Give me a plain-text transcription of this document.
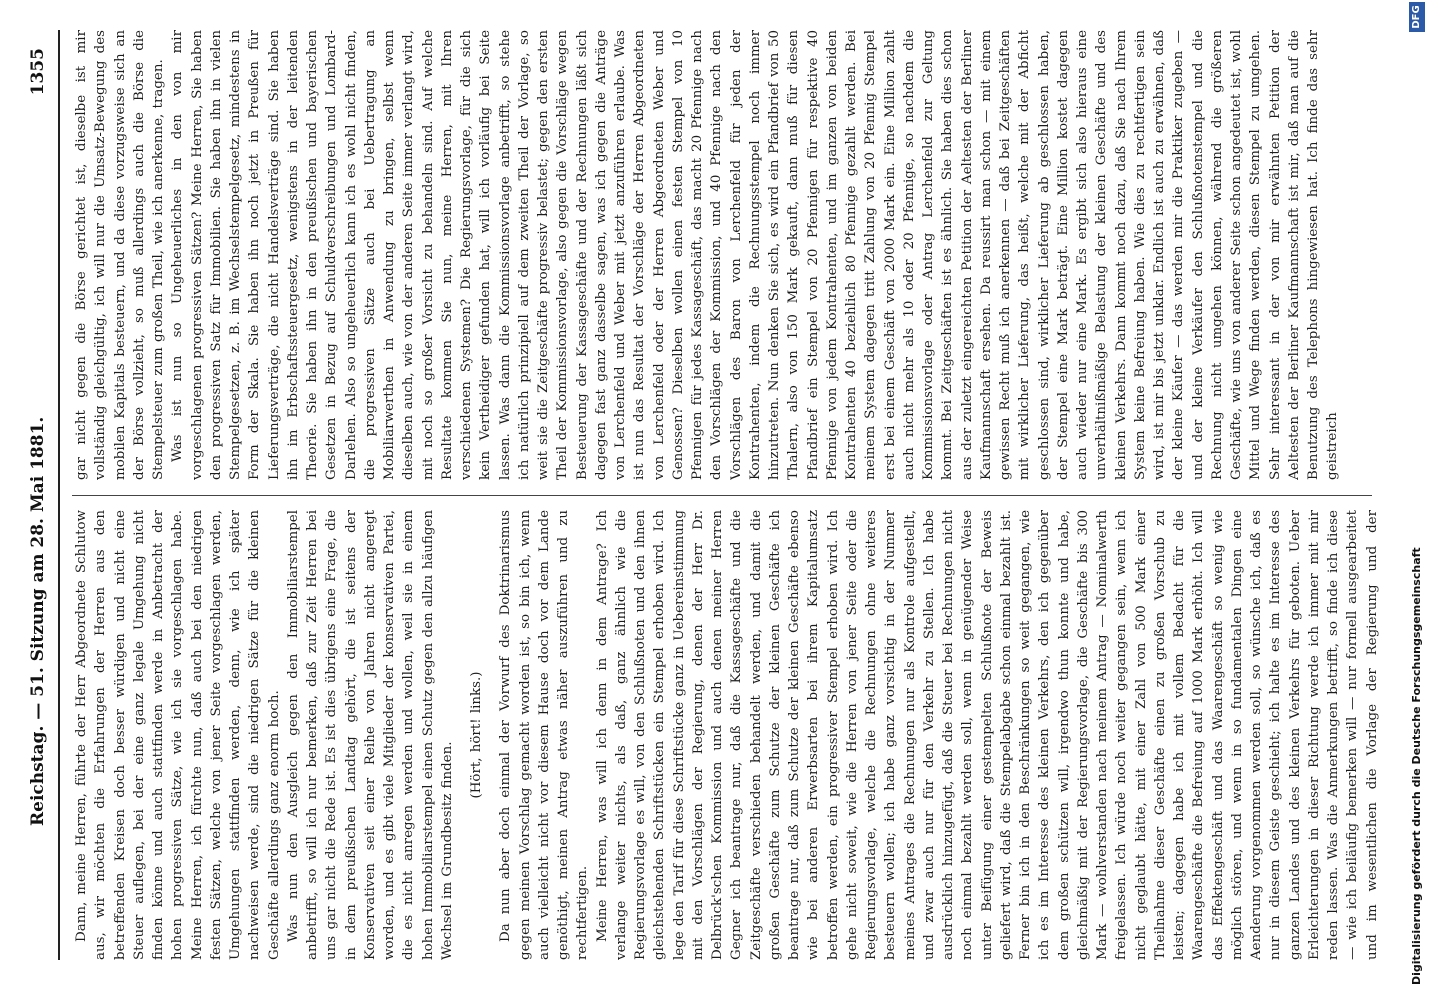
Reichstag. — 51. Sitzung am 28. Mai 1881.
1355

Dann, meine Herren, führte der Herr Abgeordnete Schlutow aus, wir möchten die Erfahrungen der Herren aus den betreffenden Kreisen doch besser würdigen und nicht eine Steuer auflegen, bei der eine ganz legale Umgehung nicht finden könne und auch stattfinden werde in Anbetracht der hohen progressiven Sätze, wie ich sie vorgeschlagen habe. Meine Herren, ich fürchte nun, daß auch bei den niedrigen festen Sätzen, welche von jener Seite vorgeschlagen werden, Umgehungen stattfinden werden, denn, wie ich später nachweisen werde, sind die niedrigen Sätze für die kleinen Geschäfte allerdings ganz enorm hoch. Was nun den Ausgleich gegen den Immobiliarstempel anbetrifft, so will ich nur bemerken, daß zur Zeit Herren bei uns gar nicht die Rede ist. Es ist dies übrigens eine Frage, die in dem preußischen Landtag gehört, die ist seitens der Konservativen seit einer Reihe von Jahren nicht angeregt worden, und es gibt viele Mitglieder der konservativen Partei, die es nicht anregen werden und wollen, weil sie in einem hohen Immobiliarstempel einen Schutz gegen den allzu häufigen Wechsel im Grundbesitz finden.

(Hört, hört! links.) Da nun aber doch einmal der Vorwurf des Doktrinarismus gegen meinen Vorschlag gemacht worden ist, so bin ich, wenn auch vielleicht nicht vor diesem Hause doch vor dem Lande genöthigt, meinen Antrag etwas näher auszuführen und zu rechtfertigen. Meine Herren, was will ich denn in dem Antrage? Ich verlange weiter nichts, als daß, ganz ähnlich wie die Regierungsvorlage es will, von den Schlußnoten und den ihnen gleichstehenden Schriftstücken ein Stempel erhoben wird. Ich lege den Tarif für diese Schriftstücke ganz in Uebereinstimmung mit den Vorschlägen der Regierung, denen der Herr Dr. Delbrück'schen Kommission und auch denen meiner Herren Gegner ich beantrage nur, daß die Kassageschäfte und die Zeitgeschäfte verschieden behandelt werden, und damit die großen Geschäfte zum Schutze der kleinen Geschäfte ich beantrage nur, daß zum Schutze der kleinen Geschäfte ebenso wie bei anderen Erwerbsarten bei ihrem Kapitalumsatz betroffen werden, ein progressiver Stempel erhoben wird. Ich gehe nicht soweit, wie die Herren von jener Seite oder die Regierungsvorlage, welche die Rechnungen ohne weiteres besteuern wollen; ich habe ganz vorsichtig in der Nummer meines Antrages die Rechnungen nur als Kontrole aufgestellt, und zwar auch nur für den Verkehr zu Stellen. Ich habe ausdrücklich hinzugefügt, daß die Steuer bei Rechnungen nicht noch einmal bezahlt werden soll, wenn in genügender Weise unter Beifügung einer gestempelten Schlußnote der Beweis geliefert wird, daß die Stempelabgabe schon einmal bezahlt ist. Ferner bin ich in den Beschränkungen so weit gegangen, wie ich es im Interesse des kleinen Verkehrs, den ich gegenüber dem großen schützen will, irgendwo thun konnte und habe, gleichmäßig mit der Regierungsvorlage, die Geschäfte bis 300 Mark — wohlverstanden nach meinem Antrag — Nominalwerth freigelassen. Ich würde noch weiter gegangen sein, wenn ich nicht geglaubt hätte, mit einer Zahl von 500 Mark einer Theilnahme dieser Geschäfte einen zu großen Vorschub zu leisten; dagegen habe ich mit vollem Bedacht für die Waarengeschäfte die Befreiung auf 1000 Mark erhöht. Ich will das Effektengeschäft und das Waarengeschäft so wenig wie möglich stören, und wenn in so fundamentalen Dingen eine Aenderung vorgenommen werden soll, so wünsche ich, daß es nur in diesem Geiste geschieht; ich halte es im Interesse des ganzen Landes und des kleinen Verkehrs für geboten. Ueber Erleichterungen in dieser Richtung werde ich immer mit mir reden lassen. Was die Anmerkungen betrifft, so finde ich diese — wie ich beiläufig bemerken will — nur formell ausgearbeitet und im wesentlichen die Vorlage der Regierung und der

gar nicht gegen die Börse gerichtet ist, dieselbe ist mir vollständig gleichgültig, ich will nur die Umsatz-Bewegung des mobilen Kapitals besteuern, und da diese vorzugsweise sich an der Börse vollzieht, so muß allerdings auch die Börse die Stempelsteuer zum großen Theil, wie ich anerkenne, tragen. Was ist nun so Ungeheuerliches in den von mir vorgeschlagenen progressiven Sätzen? Meine Herren, Sie haben den progressiven Satz für Immobilien. Sie haben ihn in vielen Stempelgesetzen, z. B. im Wechselstempelgesetz, mindestens in Form der Skala. Sie haben ihn noch jetzt in Preußen für Lieferungsverträge, die nicht Handelsverträge sind. Sie haben ihn im Erbschaftssteuergesetz, wenigstens in der leitenden Theorie. Sie haben ihn in den preußischen und bayerischen Gesetzen in Bezug auf Schuldverschreibungen und Lombard-Darlehen. Also so ungeheuerlich kann ich es wohl nicht finden, die progressiven Sätze auch bei Uebertragung an Mobiliarwerthen in Anwendung zu bringen, selbst wenn dieselben auch, wie von der anderen Seite immer verlangt wird, mit noch so großer Vorsicht zu behandeln sind. Auf welche Resultate kommen Sie nun, meine Herren, mit Ihren verschiedenen Systemen? Die Regierungsvorlage, für die sich kein Vertheidiger gefunden hat, will ich vorläufig bei Seite lassen. Was dann die Kommissionsvorlage anbetrifft, so stehe ich natürlich prinzipiell auf dem zweiten Theil der Vorlage, so weit sie die Zeitgeschäfte progressiv belastet; gegen den ersten Theil der Kommissionsvorlage, also gegen die Vorschläge wegen Besteuerung der Kassageschäfte und der Rechnungen läßt sich dagegen fast ganz dasselbe sagen, was ich gegen die Anträge von Lerchenfeld und Weber mit jetzt anzuführen erlaube. Was ist nun das Resultat der Vorschläge der Herren Abgeordneten von Lerchenfeld oder der Herren Abgeordneten Weber und Genossen? Dieselben wollen einen festen Stempel von 10 Pfennigen für jedes Kassageschäft, das macht 20 Pfennige nach den Vorschlägen der Kommission, und 40 Pfennige nach den Vorschlägen des Baron von Lerchenfeld für jeden der Kontrahenten, indem die Rechnungsstempel noch immer hinzutreten. Nun denken Sie sich, es wird ein Pfandbrief von 50 Thalern, also von 150 Mark gekauft, dann muß für diesen Pfandbrief ein Stempel von 20 Pfennigen für respektive 40 Pfennige von jedem Kontrahenten, und im ganzen von beiden Kontrahenten 40 beziehlich 80 Pfennige gezahlt werden. Bei meinem System dagegen tritt Zahlung von 20 Pfennig Stempel erst bei einem Geschäft von 2000 Mark ein. Eine Million zahlt auch nicht mehr als 10 oder 20 Pfennige, so nachdem die Kommissionsvorlage oder Antrag Lerchenfeld zur Geltung kommt. Bei Zeitgeschäften ist es ähnlich. Sie haben dies schon aus der zuletzt eingereichten Petition der Aeltesten der Berliner Kaufmannschaft ersehen. Da reussirt man schon — mit einem gewissen Recht muß ich anerkennen — daß bei Zeitgeschäften mit wirklicher Lieferung, das heißt, welche mit der Abficht geschlossen sind, wirklicher Lieferung ab geschlossen haben, der Stempel eine Mark beträgt. Eine Million kostet dagegen auch wieder nur eine Mark. Es ergibt sich also hieraus eine unverhältnißmäßige Belastung der kleinen Geschäfte und des kleinen Verkehrs. Dann kommt noch dazu, daß Sie nach Ihrem System keine Befreiung haben. Wie dies zu rechtfertigen sein wird, ist mir bis jetzt unklar. Endlich ist auch zu erwähnen, daß der kleine Käufer — das werden mir die Praktiker zugeben — und der kleine Verkäufer den Schlußnotenstempel und die Rechnung nicht umgehen können, während die größeren Geschäfte, wie uns von anderer Seite schon angedeutet ist, wohl Mittel und Wege finden werden, diesen Stempel zu umgehen. Sehr interessant in der von mir erwähnten Petition der Aeltesten der Berliner Kaufmannschaft ist mir, daß man auf die Benutzung des Telephons hingewiesen hat. Ich finde das sehr geistreich

Digitalisierung gefördert durch die Deutsche Forschungsgemeinschaft
DFG
